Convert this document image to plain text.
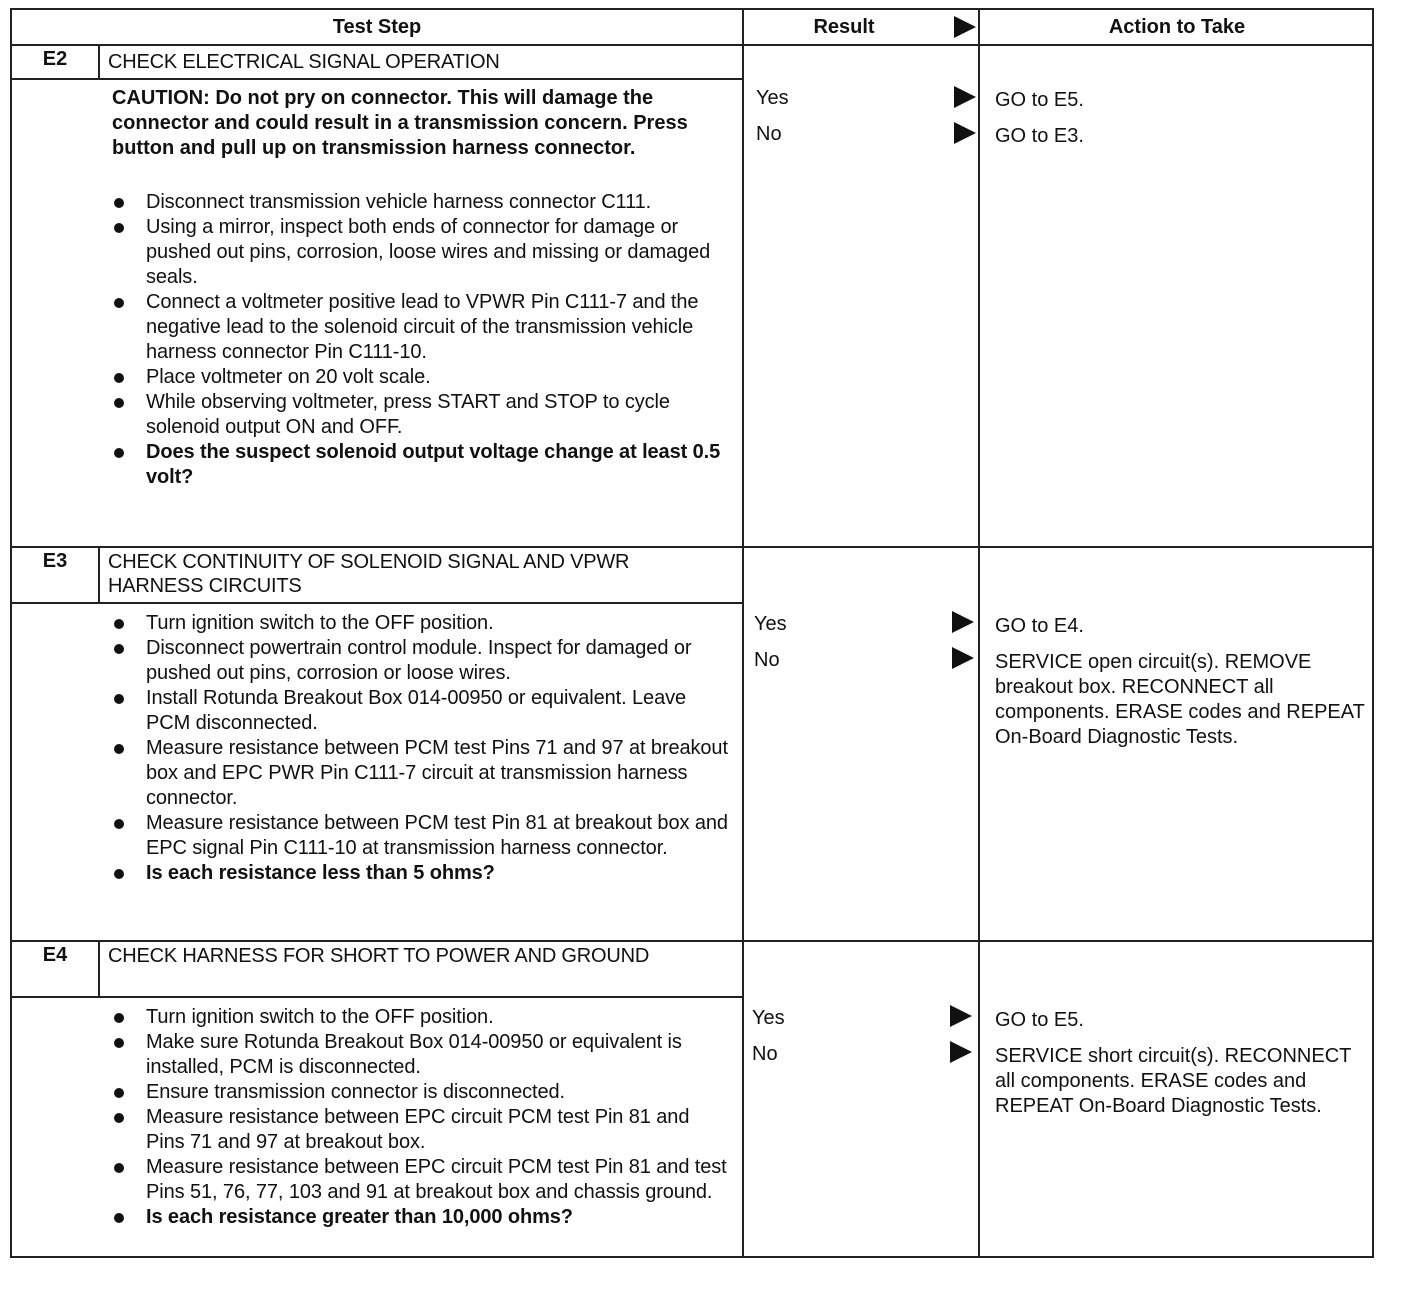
Test Step	Result	Action to Take
E2	CHECK ELECTRICAL SIGNAL OPERATION
CAUTION: Do not pry on connector. This will damage the connector and could result in a transmission concern. Press button and pull up on transmission harness connector.
Disconnect transmission vehicle harness connector C111.
Using a mirror, inspect both ends of connector for damage or pushed out pins, corrosion, loose wires and missing or damaged seals.
Connect a voltmeter positive lead to VPWR Pin C111-7 and the negative lead to the solenoid circuit of the transmission vehicle harness connector Pin C111-10.
Place voltmeter on 20 volt scale.
While observing voltmeter, press START and STOP to cycle solenoid output ON and OFF.
Does the suspect solenoid output voltage change at least 0.5 volt?
Yes	GO to E5.
No	GO to E3.
E3	CHECK CONTINUITY OF SOLENOID SIGNAL AND VPWR HARNESS CIRCUITS
Turn ignition switch to the OFF position.
Disconnect powertrain control module. Inspect for damaged or pushed out pins, corrosion or loose wires.
Install Rotunda Breakout Box 014-00950 or equivalent. Leave PCM disconnected.
Measure resistance between PCM test Pins 71 and 97 at breakout box and EPC PWR Pin C111-7 circuit at transmission harness connector.
Measure resistance between PCM test Pin 81 at breakout box and EPC signal Pin C111-10 at transmission harness connector.
Is each resistance less than 5 ohms?
Yes	GO to E4.
No	SERVICE open circuit(s). REMOVE breakout box. RECONNECT all components. ERASE codes and REPEAT On-Board Diagnostic Tests.
E4	CHECK HARNESS FOR SHORT TO POWER AND GROUND
Turn ignition switch to the OFF position.
Make sure Rotunda Breakout Box 014-00950 or equivalent is installed, PCM is disconnected.
Ensure transmission connector is disconnected.
Measure resistance between EPC circuit PCM test Pin 81 and Pins 71 and 97 at breakout box.
Measure resistance between EPC circuit PCM test Pin 81 and test Pins 51, 76, 77, 103 and 91 at breakout box and chassis ground.
Is each resistance greater than 10,000 ohms?
Yes	GO to E5.
No	SERVICE short circuit(s). RECONNECT all components. ERASE codes and REPEAT On-Board Diagnostic Tests.
